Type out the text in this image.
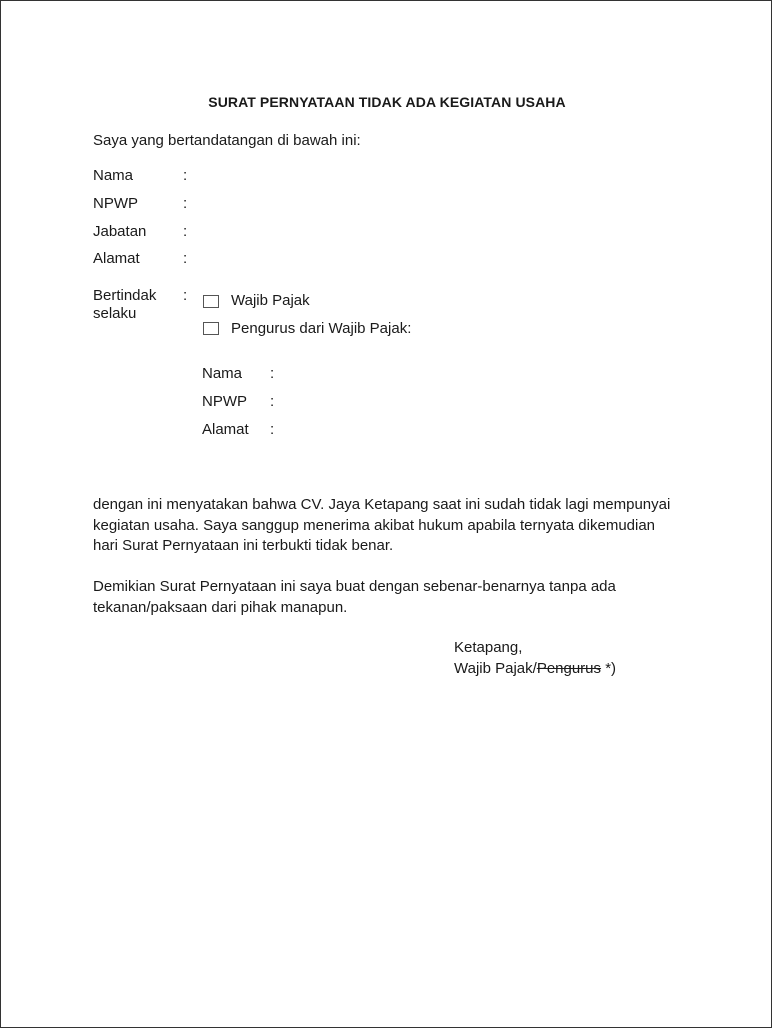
SURAT PERNYATAAN TIDAK ADA KEGIATAN USAHA
Saya yang bertandatangan di bawah ini:
Nama	:
NPWP	:
Jabatan :
Alamat	:
Bertindak
selaku
:	Wajib Pajak
Pengurus dari Wajib Pajak:
Nama :
NPWP :
Alamat :
dengan ini menyatakan bahwa CV. Jaya Ketapang saat ini sudah tidak lagi mempunyai
kegiatan usaha. Saya sanggup menerima akibat hukum apabila ternyata dikemudian
hari Surat Pernyataan ini terbukti tidak benar.
Demikian Surat Pernyataan ini saya buat dengan sebenar-benarnya tanpa ada
tekanan/paksaan dari pihak manapun.
Ketapang,
Wajib Pajak/Pengurus *)
